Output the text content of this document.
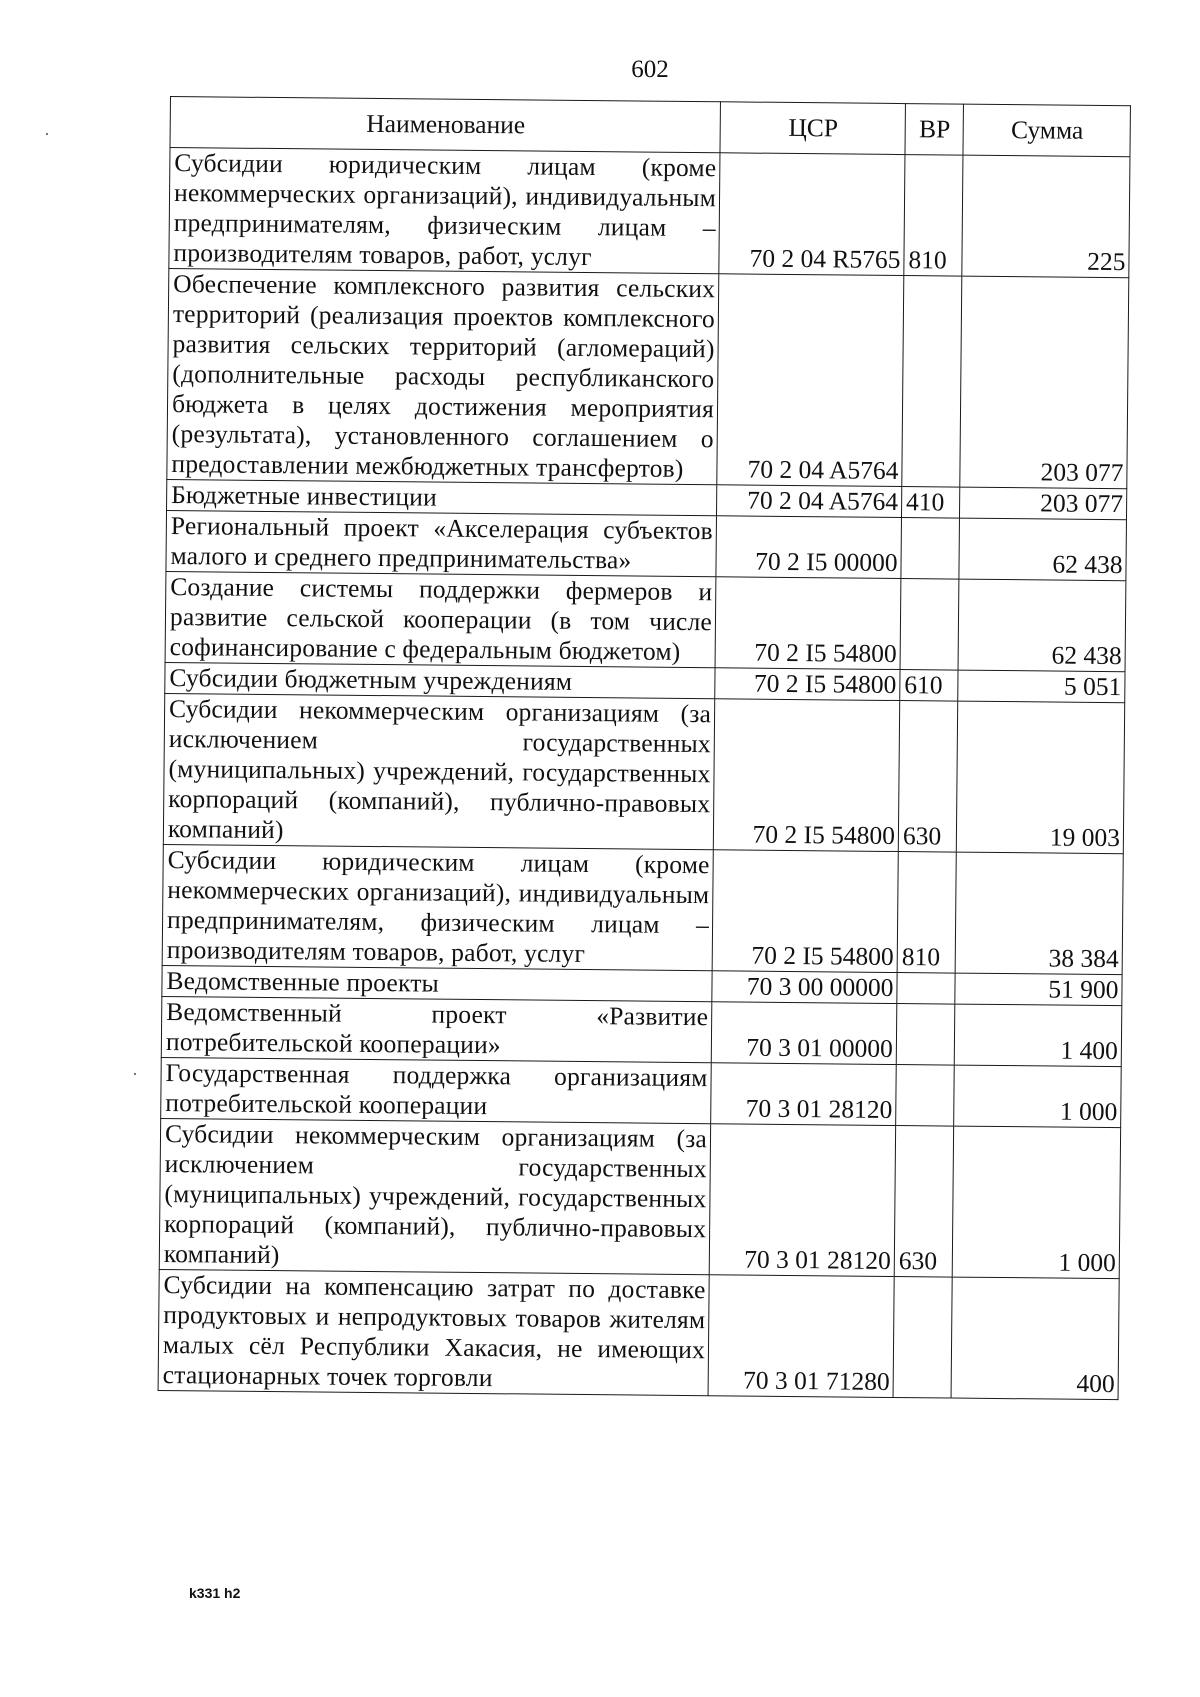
602
Наименование	ЦСР	ВР	Сумма
Субсидии юридическим лицам (кроме некоммерческих организаций), индивидуальным предпринимателям, физическим лицам – производителям товаров, работ, услуг	70 2 04 R5765	810	225
Обеспечение комплексного развития сельских территорий (реализация проектов комплексного развития сельских территорий (агломераций) (дополнительные расходы республиканского бюджета в целях достижения мероприятия (результата), установленного соглашением о предоставлении межбюджетных трансфертов)	70 2 04 A5764		203 077
Бюджетные инвестиции	70 2 04 A5764	410	203 077
Региональный проект «Акселерация субъектов малого и среднего предпринимательства»	70 2 I5 00000		62 438
Создание системы поддержки фермеров и развитие сельской кооперации (в том числе софинансирование с федеральным бюджетом)	70 2 I5 54800		62 438
Субсидии бюджетным учреждениям	70 2 I5 54800	610	5 051
Субсидии некоммерческим организациям (за исключением государственных (муниципальных) учреждений, государственных корпораций (компаний), публично-правовых компаний)	70 2 I5 54800	630	19 003
Субсидии юридическим лицам (кроме некоммерческих организаций), индивидуальным предпринимателям, физическим лицам – производителям товаров, работ, услуг	70 2 I5 54800	810	38 384
Ведомственные проекты	70 3 00 00000		51 900
Ведомственный проект «Развитие потребительской кооперации»	70 3 01 00000		1 400
Государственная поддержка организациям потребительской кооперации	70 3 01 28120		1 000
Субсидии некоммерческим организациям (за исключением государственных (муниципальных) учреждений, государственных корпораций (компаний), публично-правовых компаний)	70 3 01 28120	630	1 000
Субсидии на компенсацию затрат по доставке продуктовых и непродуктовых товаров жителям малых сёл Республики Хакасия, не имеющих стационарных точек торговли	70 3 01 71280		400
k331 h2
